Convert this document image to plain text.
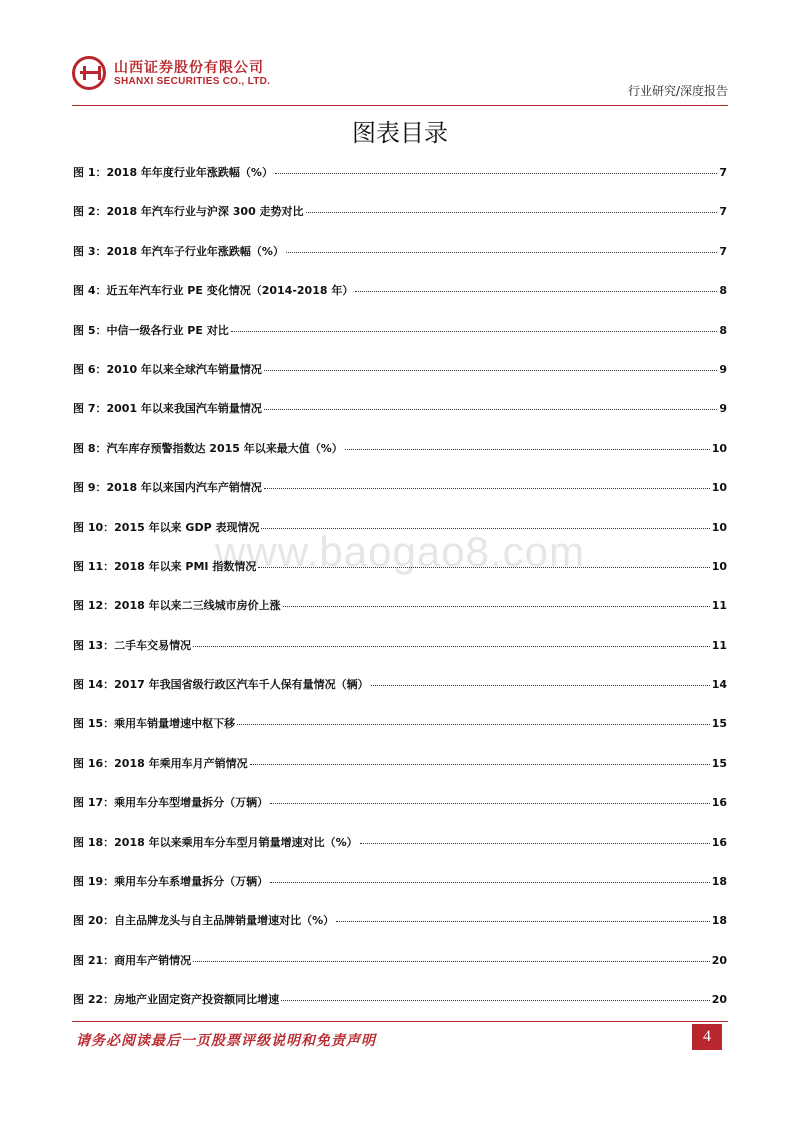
山西证券股份有限公司
SHANXI SECURITIES CO., LTD.
行业研究/深度报告
图表目录
www.baogao8.com
图 1：2018 年年度行业年涨跌幅（%）	7
图 2：2018 年汽车行业与沪深 300 走势对比	7
图 3：2018 年汽车子行业年涨跌幅（%）	7
图 4：近五年汽车行业 PE 变化情况（2014-2018 年）	8
图 5：中信一级各行业 PE 对比	8
图 6：2010 年以来全球汽车销量情况	9
图 7：2001 年以来我国汽车销量情况	9
图 8：汽车库存预警指数达 2015 年以来最大值（%）	10
图 9：2018 年以来国内汽车产销情况	10
图 10：2015 年以来 GDP 表现情况	10
图 11：2018 年以来 PMI 指数情况	10
图 12：2018 年以来二三线城市房价上涨	11
图 13：二手车交易情况	11
图 14：2017 年我国省级行政区汽车千人保有量情况（辆）	14
图 15：乘用车销量增速中枢下移	15
图 16：2018 年乘用车月产销情况	15
图 17：乘用车分车型增量拆分（万辆）	16
图 18：2018 年以来乘用车分车型月销量增速对比（%）	16
图 19：乘用车分车系增量拆分（万辆）	18
图 20：自主品牌龙头与自主品牌销量增速对比（%）	18
图 21：商用车产销情况	20
图 22：房地产业固定资产投资额同比增速	20
请务必阅读最后一页股票评级说明和免责声明	4
